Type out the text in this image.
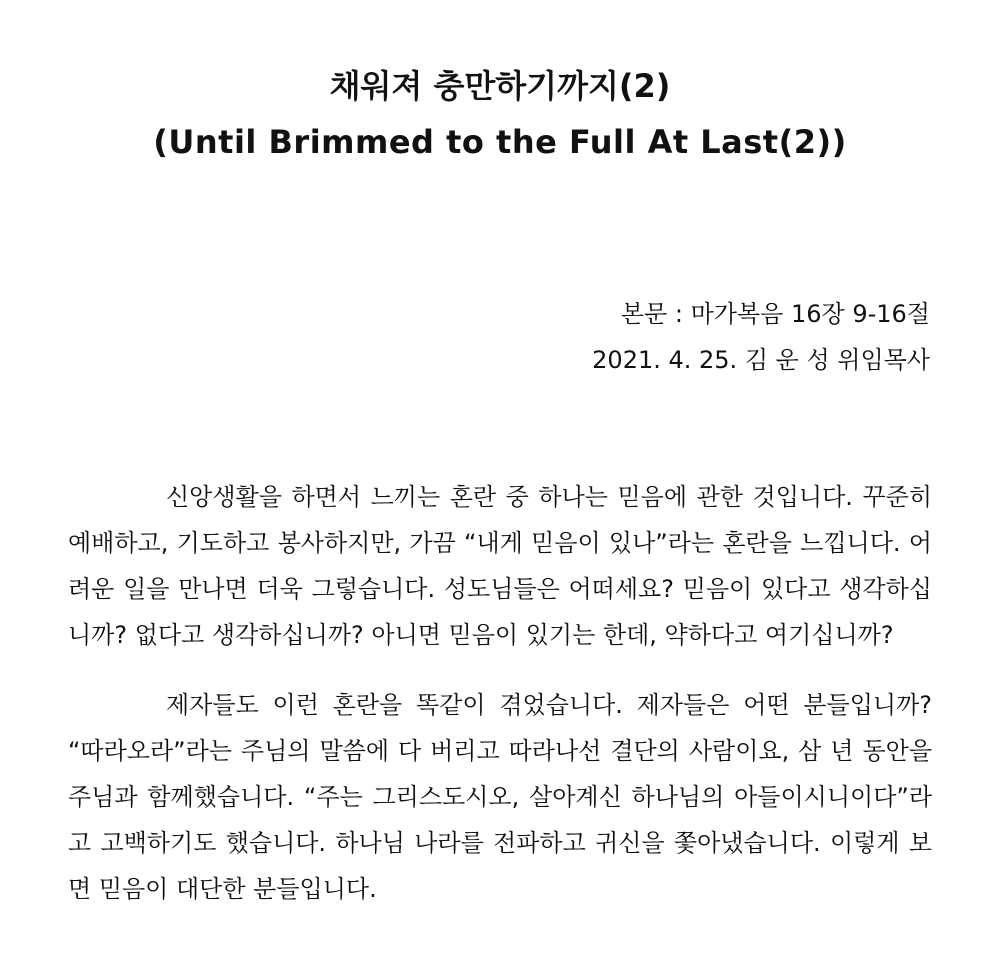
채워져 충만하기까지(2)
(Until Brimmed to the Full At Last(2))
본문 : 마가복음 16장 9-16절
2021. 4. 25. 김 운 성 위임목사

신앙생활을 하면서 느끼는 혼란 중 하나는 믿음에 관한 것입니다. 꾸준히 예배하고, 기도하고 봉사하지만, 가끔 “내게 믿음이 있나”라는 혼란을 느낍니다. 어려운 일을 만나면 더욱 그렇습니다. 성도님들은 어떠세요? 믿음이 있다고 생각하십니까? 없다고 생각하십니까? 아니면 믿음이 있기는 한데, 약하다고 여기십니까?

제자들도 이런 혼란을 똑같이 겪었습니다. 제자들은 어떤 분들입니까? “따라오라”라는 주님의 말씀에 다 버리고 따라나선 결단의 사람이요, 삼 년 동안을 주님과 함께했습니다. “주는 그리스도시오, 살아계신 하나님의 아들이시니이다”라고 고백하기도 했습니다. 하나님 나라를 전파하고 귀신을 쫓아냈습니다. 이렇게 보면 믿음이 대단한 분들입니다.
